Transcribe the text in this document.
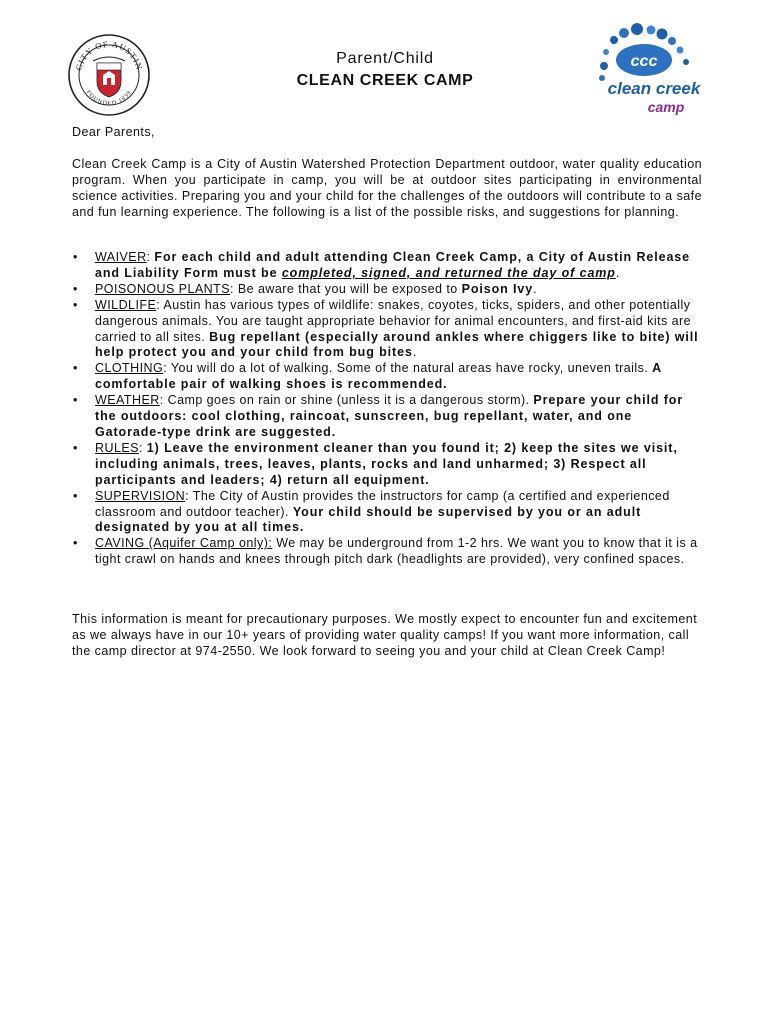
CITY OF AUSTIN
FOUNDED 1839
Parent/Child
CLEAN CREEK CAMP
ccc
clean creek
camp
Dear Parents,
Clean Creek Camp is a City of Austin Watershed Protection Department outdoor, water quality education program. When you participate in camp, you will be at outdoor sites participating in environmental science activities. Preparing you and your child for the challenges of the outdoors will contribute to a safe and fun learning experience. The following is a list of the possible risks, and suggestions for planning.
• WAIVER: For each child and adult attending Clean Creek Camp, a City of Austin Release and Liability Form must be completed, signed, and returned the day of camp.
• POISONOUS PLANTS: Be aware that you will be exposed to Poison Ivy.
• WILDLIFE: Austin has various types of wildlife: snakes, coyotes, ticks, spiders, and other potentially dangerous animals. You are taught appropriate behavior for animal encounters, and first-aid kits are carried to all sites. Bug repellant (especially around ankles where chiggers like to bite) will help protect you and your child from bug bites.
• CLOTHING: You will do a lot of walking. Some of the natural areas have rocky, uneven trails. A comfortable pair of walking shoes is recommended.
• WEATHER: Camp goes on rain or shine (unless it is a dangerous storm). Prepare your child for the outdoors: cool clothing, raincoat, sunscreen, bug repellant, water, and one Gatorade-type drink are suggested.
• RULES: 1) Leave the environment cleaner than you found it; 2) keep the sites we visit, including animals, trees, leaves, plants, rocks and land unharmed; 3) Respect all participants and leaders; 4) return all equipment.
• SUPERVISION: The City of Austin provides the instructors for camp (a certified and experienced classroom and outdoor teacher). Your child should be supervised by you or an adult designated by you at all times.
• CAVING (Aquifer Camp only): We may be underground from 1-2 hrs. We want you to know that it is a tight crawl on hands and knees through pitch dark (headlights are provided), very confined spaces.
This information is meant for precautionary purposes. We mostly expect to encounter fun and excitement as we always have in our 10+ years of providing water quality camps! If you want more information, call the camp director at 974-2550. We look forward to seeing you and your child at Clean Creek Camp!
